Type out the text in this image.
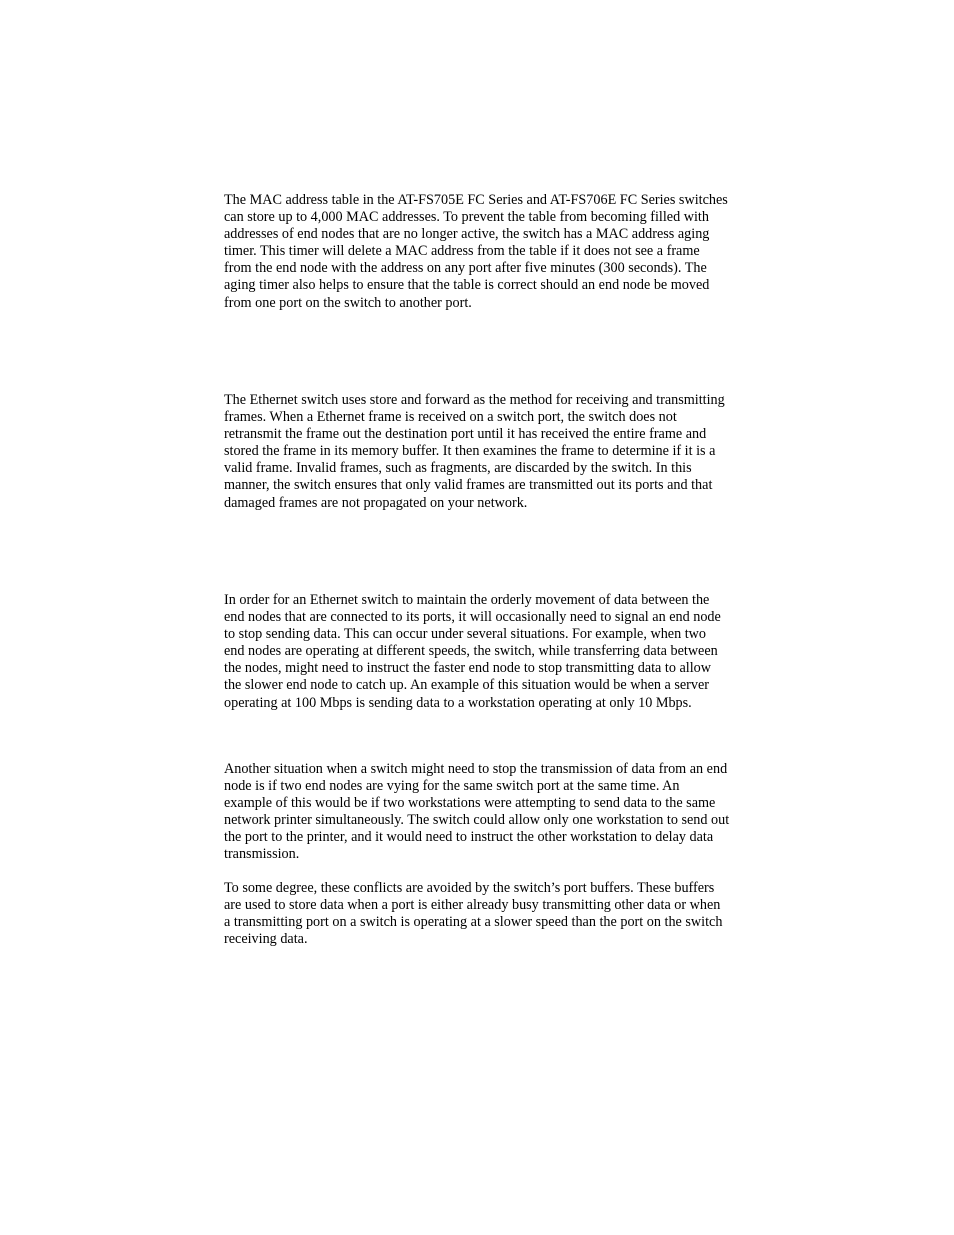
The MAC address table in the AT-FS705E FC Series and AT-FS706E FC Series switches can store up to 4,000 MAC addresses. To prevent the table from becoming filled with addresses of end nodes that are no longer active, the switch has a MAC address aging timer. This timer will delete a MAC address from the table if it does not see a frame from the end node with the address on any port after five minutes (300 seconds). The aging timer also helps to ensure that the table is correct should an end node be moved from one port on the switch to another port.

The Ethernet switch uses store and forward as the method for receiving and transmitting frames. When a Ethernet frame is received on a switch port, the switch does not retransmit the frame out the destination port until it has received the entire frame and stored the frame in its memory buffer. It then examines the frame to determine if it is a valid frame. Invalid frames, such as fragments, are discarded by the switch. In this manner, the switch ensures that only valid frames are transmitted out its ports and that damaged frames are not propagated on your network.

In order for an Ethernet switch to maintain the orderly movement of data between the end nodes that are connected to its ports, it will occasionally need to signal an end node to stop sending data. This can occur under several situations. For example, when two end nodes are operating at different speeds, the switch, while transferring data between the nodes, might need to instruct the faster end node to stop transmitting data to allow the slower end node to catch up. An example of this situation would be when a server operating at 100 Mbps is sending data to a workstation operating at only 10 Mbps.

Another situation when a switch might need to stop the transmission of data from an end node is if two end nodes are vying for the same switch port at the same time. An example of this would be if two workstations were attempting to send data to the same network printer simultaneously. The switch could allow only one workstation to send out the port to the printer, and it would need to instruct the other workstation to delay data transmission.

To some degree, these conflicts are avoided by the switch’s port buffers. These buffers are used to store data when a port is either already busy transmitting other data or when a transmitting port on a switch is operating at a slower speed than the port on the switch receiving data.
